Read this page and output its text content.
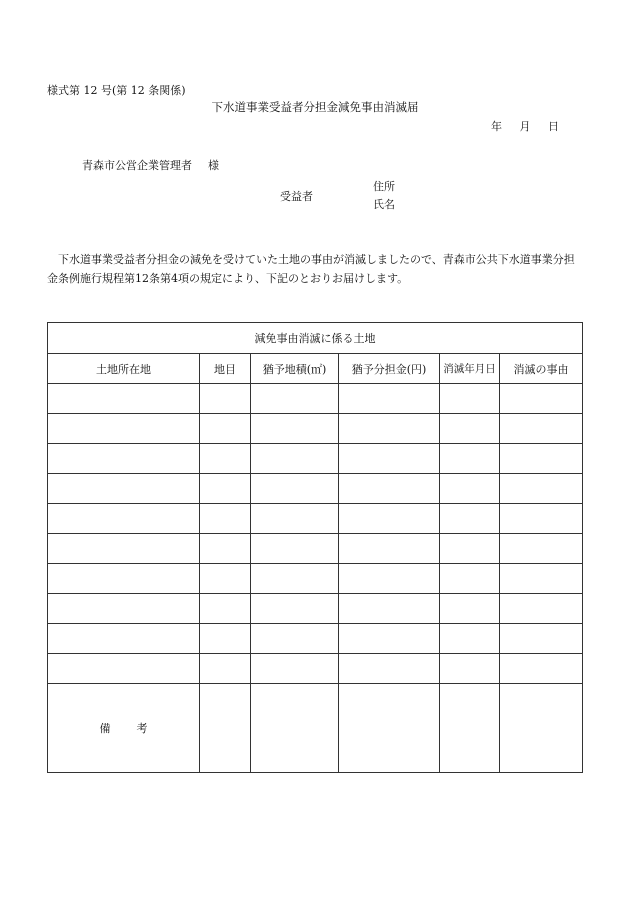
様式第 12 号(第 12 条関係)
下水道事業受益者分担金減免事由消滅届
年 月 日
青森市公営企業管理者 様
受益者
住所
氏名
下水道事業受益者分担金の減免を受けていた土地の事由が消滅しましたので、青森市公共下水道事業分担金条例施行規程第12条第4項の規定により、下記のとおりお届けします。
減免事由消滅に係る土地					
土地所在地	地目	猶予地積(㎡)	猶予分担金(円)	消滅年月日	消滅の事由

備考					
